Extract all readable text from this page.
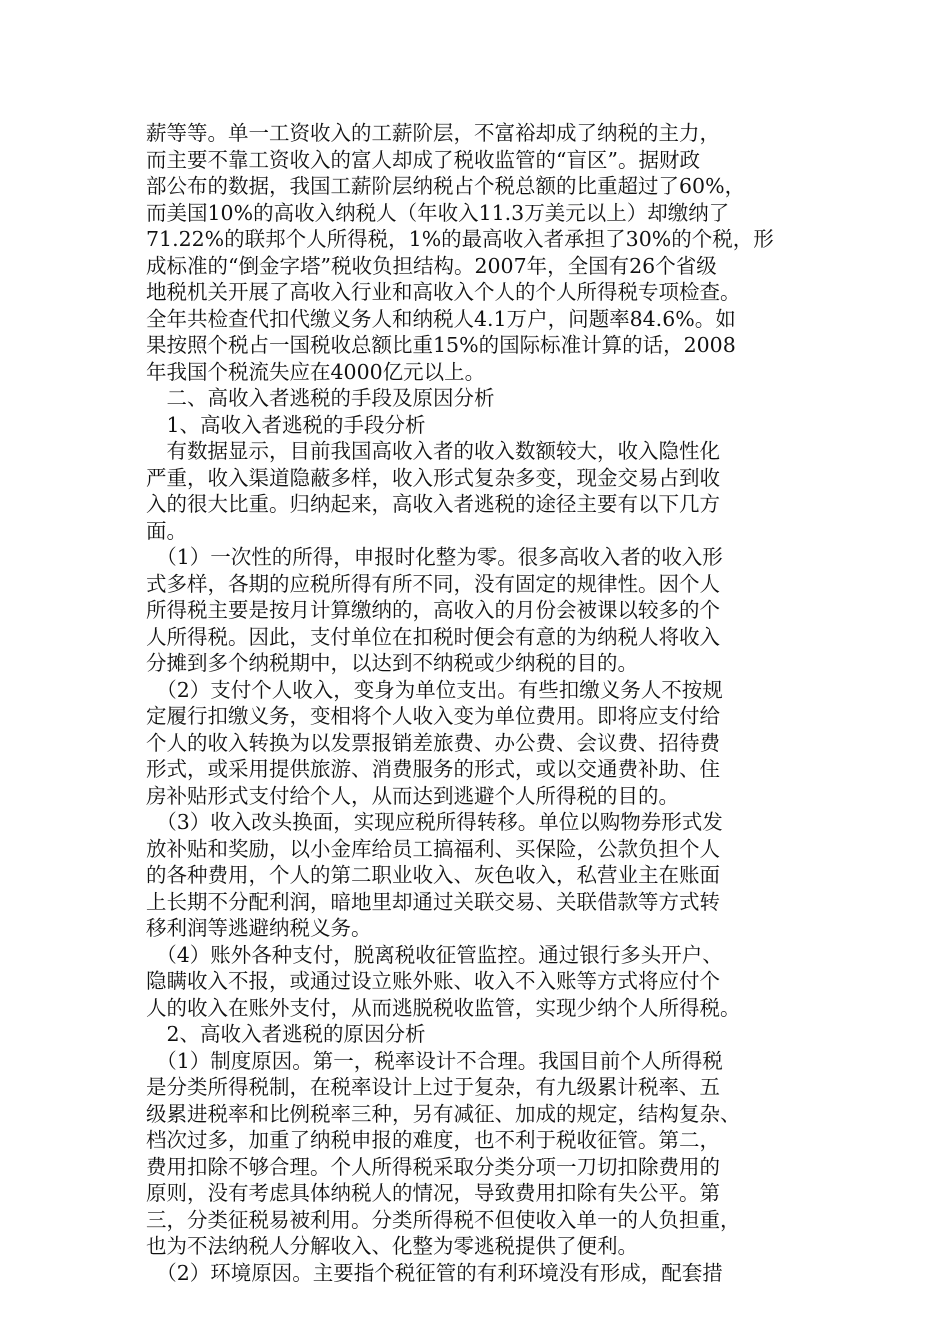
薪等等。单一工资收入的工薪阶层，不富裕却成了纳税的主力，
而主要不靠工资收入的富人却成了税收监管的“盲区”。据财政
部公布的数据，我国工薪阶层纳税占个税总额的比重超过了60%，
而美国10%的高收入纳税人（年收入11.3万美元以上）却缴纳了
71.22%的联邦个人所得税，1%的最高收入者承担了30%的个税，形
成标准的“倒金字塔”税收负担结构。2007年，全国有26个省级
地税机关开展了高收入行业和高收入个人的个人所得税专项检查。
全年共检查代扣代缴义务人和纳税人4.1万户，问题率84.6%。如
果按照个税占一国税收总额比重15%的国际标准计算的话，2008
年我国个税流失应在4000亿元以上。
　二、高收入者逃税的手段及原因分析
　1、高收入者逃税的手段分析
　有数据显示，目前我国高收入者的收入数额较大，收入隐性化
严重，收入渠道隐蔽多样，收入形式复杂多变，现金交易占到收
入的很大比重。归纳起来，高收入者逃税的途径主要有以下几方
面。
　（1）一次性的所得，申报时化整为零。很多高收入者的收入形
式多样，各期的应税所得有所不同，没有固定的规律性。因个人
所得税主要是按月计算缴纳的，高收入的月份会被课以较多的个
人所得税。因此，支付单位在扣税时便会有意的为纳税人将收入
分摊到多个纳税期中，以达到不纳税或少纳税的目的。
　（2）支付个人收入，变身为单位支出。有些扣缴义务人不按规
定履行扣缴义务，变相将个人收入变为单位费用。即将应支付给
个人的收入转换为以发票报销差旅费、办公费、会议费、招待费
形式，或采用提供旅游、消费服务的形式，或以交通费补助、住
房补贴形式支付给个人，从而达到逃避个人所得税的目的。
　（3）收入改头换面，实现应税所得转移。单位以购物券形式发
放补贴和奖励，以小金库给员工搞福利、买保险，公款负担个人
的各种费用，个人的第二职业收入、灰色收入，私营业主在账面
上长期不分配利润，暗地里却通过关联交易、关联借款等方式转
移利润等逃避纳税义务。
　（4）账外各种支付，脱离税收征管监控。通过银行多头开户、
隐瞒收入不报，或通过设立账外账、收入不入账等方式将应付个
人的收入在账外支付，从而逃脱税收监管，实现少纳个人所得税。
　2、高收入者逃税的原因分析
　（1）制度原因。第一，税率设计不合理。我国目前个人所得税
是分类所得税制，在税率设计上过于复杂，有九级累计税率、五
级累进税率和比例税率三种，另有减征、加成的规定，结构复杂、
档次过多，加重了纳税申报的难度，也不利于税收征管。第二，
费用扣除不够合理。个人所得税采取分类分项一刀切扣除费用的
原则，没有考虑具体纳税人的情况，导致费用扣除有失公平。第
三，分类征税易被利用。分类所得税不但使收入单一的人负担重，
也为不法纳税人分解收入、化整为零逃税提供了便利。
　（2）环境原因。主要指个税征管的有利环境没有形成，配套措
